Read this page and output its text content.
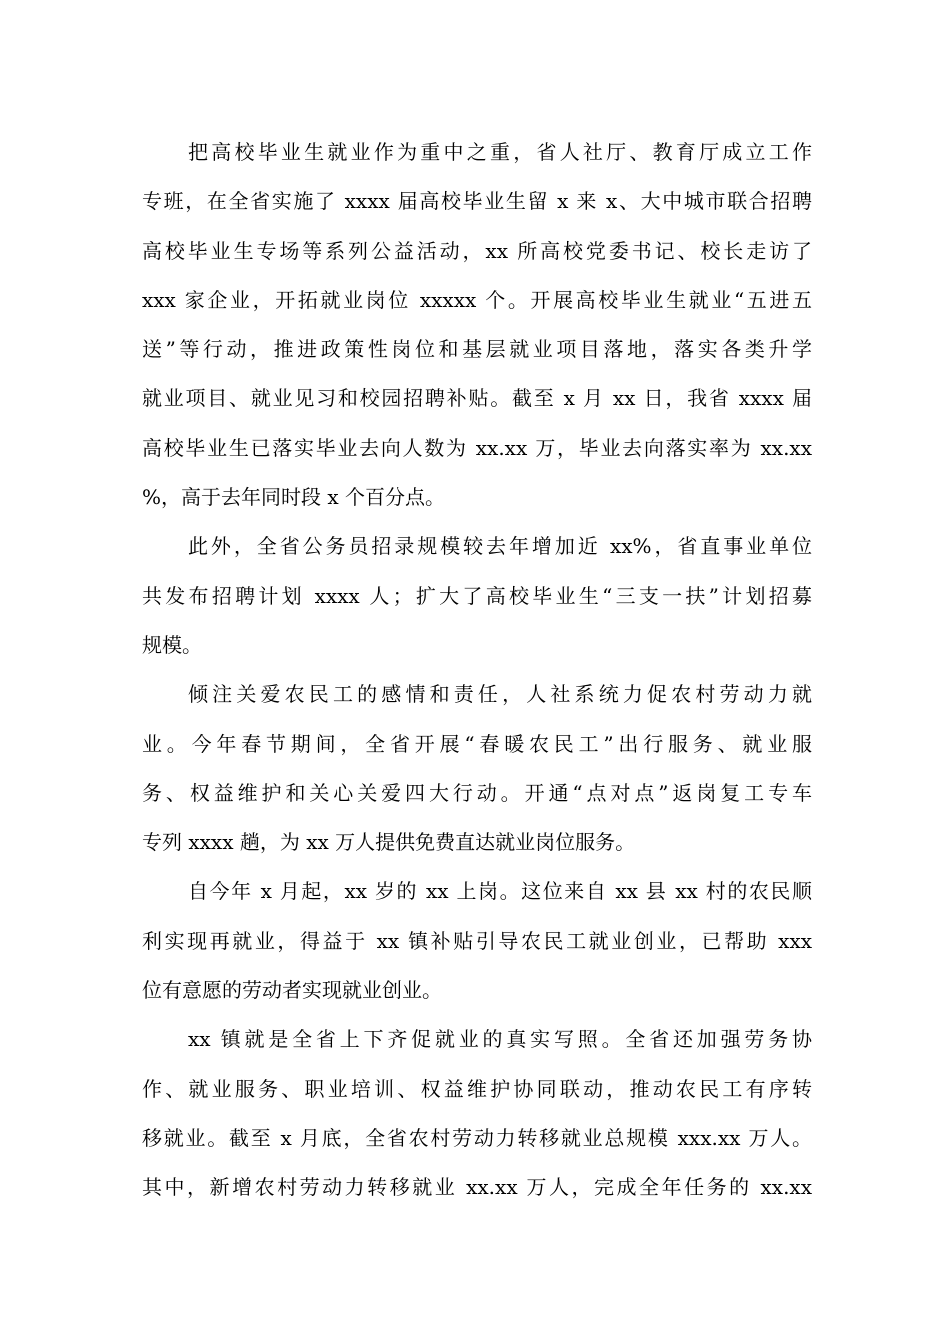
把高校毕业生就业作为重中之重，省人社厅、教育厅成立工作
专班，在全省实施了 xxxx 届高校毕业生留 x 来 x、大中城市联合招聘
高校毕业生专场等系列公益活动，xx 所高校党委书记、校长走访了
xxx 家企业，开拓就业岗位 xxxxx 个。开展高校毕业生就业“五进五
送”等行动，推进政策性岗位和基层就业项目落地，落实各类升学
就业项目、就业见习和校园招聘补贴。截至 x 月 xx 日，我省 xxxx 届
高校毕业生已落实毕业去向人数为 xx.xx 万，毕业去向落实率为 xx.xx
%，高于去年同时段 x 个百分点。
此外，全省公务员招录规模较去年增加近 xx%，省直事业单位
共发布招聘计划 xxxx 人；扩大了高校毕业生“三支一扶”计划招募
规模。
倾注关爱农民工的感情和责任，人社系统力促农村劳动力就
业。今年春节期间，全省开展“春暖农民工”出行服务、就业服
务、权益维护和关心关爱四大行动。开通“点对点”返岗复工专车
专列 xxxx 趟，为 xx 万人提供免费直达就业岗位服务。
自今年 x 月起，xx 岁的 xx 上岗。这位来自 xx 县 xx 村的农民顺
利实现再就业，得益于 xx 镇补贴引导农民工就业创业，已帮助 xxx
位有意愿的劳动者实现就业创业。
xx 镇就是全省上下齐促就业的真实写照。全省还加强劳务协
作、就业服务、职业培训、权益维护协同联动，推动农民工有序转
移就业。截至 x 月底，全省农村劳动力转移就业总规模 xxx.xx 万人。
其中，新增农村劳动力转移就业 xx.xx 万人，完成全年任务的 xx.xx
